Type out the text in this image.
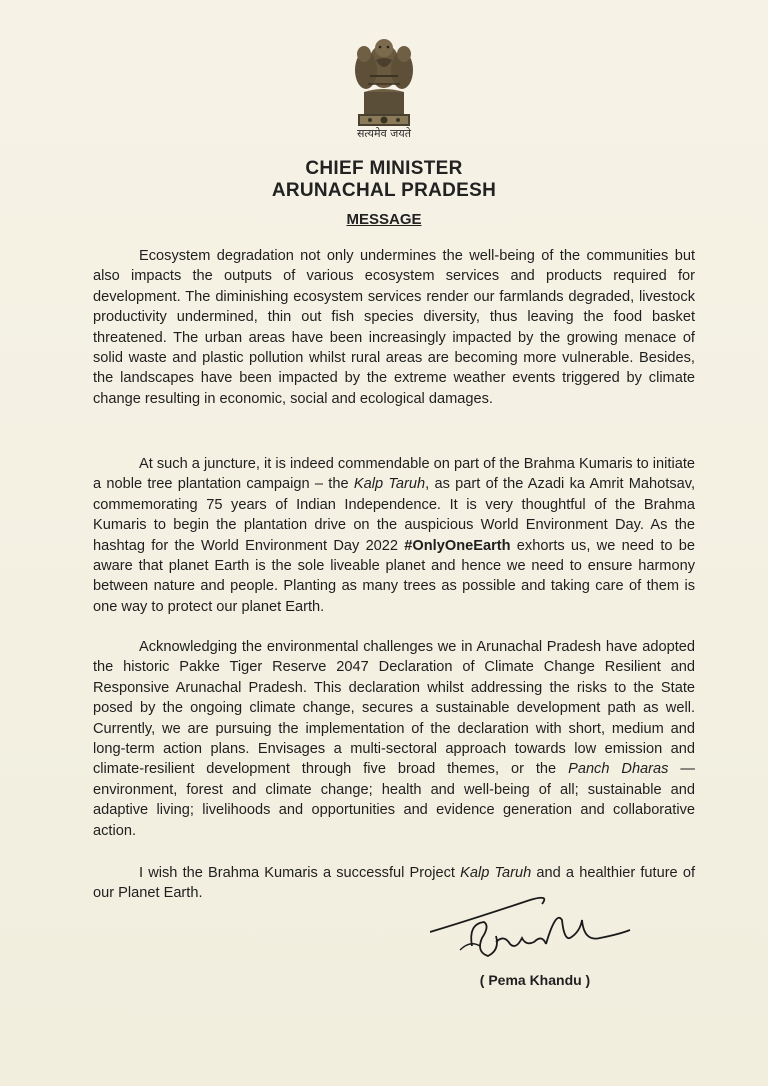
सत्यमेव जयते
CHIEF MINISTER
ARUNACHAL PRADESH
MESSAGE

Ecosystem degradation not only undermines the well-being of the communities but also impacts the outputs of various ecosystem services and products required for development. The diminishing ecosystem services render our farmlands degraded, livestock productivity undermined, thin out fish species diversity, thus leaving the food basket threatened. The urban areas have been increasingly impacted by the growing menace of solid waste and plastic pollution whilst rural areas are becoming more vulnerable. Besides, the landscapes have been impacted by the extreme weather events triggered by climate change resulting in economic, social and ecological damages.

At such a juncture, it is indeed commendable on part of the Brahma Kumaris to initiate a noble tree plantation campaign – the Kalp Taruh, as part of the Azadi ka Amrit Mahotsav, commemorating 75 years of Indian Independence. It is very thoughtful of the Brahma Kumaris to begin the plantation drive on the auspicious World Environment Day. As the hashtag for the World Environment Day 2022 #OnlyOneEarth exhorts us, we need to be aware that planet Earth is the sole liveable planet and hence we need to ensure harmony between nature and people. Planting as many trees as possible and taking care of them is one way to protect our planet Earth.

Acknowledging the environmental challenges we in Arunachal Pradesh have adopted the historic Pakke Tiger Reserve 2047 Declaration of Climate Change Resilient and Responsive Arunachal Pradesh. This declaration whilst addressing the risks to the State posed by the ongoing climate change, secures a sustainable development path as well. Currently, we are pursuing the implementation of the declaration with short, medium and long-term action plans. Envisages a multi-sectoral approach towards low emission and climate-resilient development through five broad themes, or the Panch Dharas — environment, forest and climate change; health and well-being of all; sustainable and adaptive living; livelihoods and opportunities and evidence generation and collaborative action.

I wish the Brahma Kumaris a successful Project Kalp Taruh and a healthier future of our Planet Earth.

( Pema Khandu )
